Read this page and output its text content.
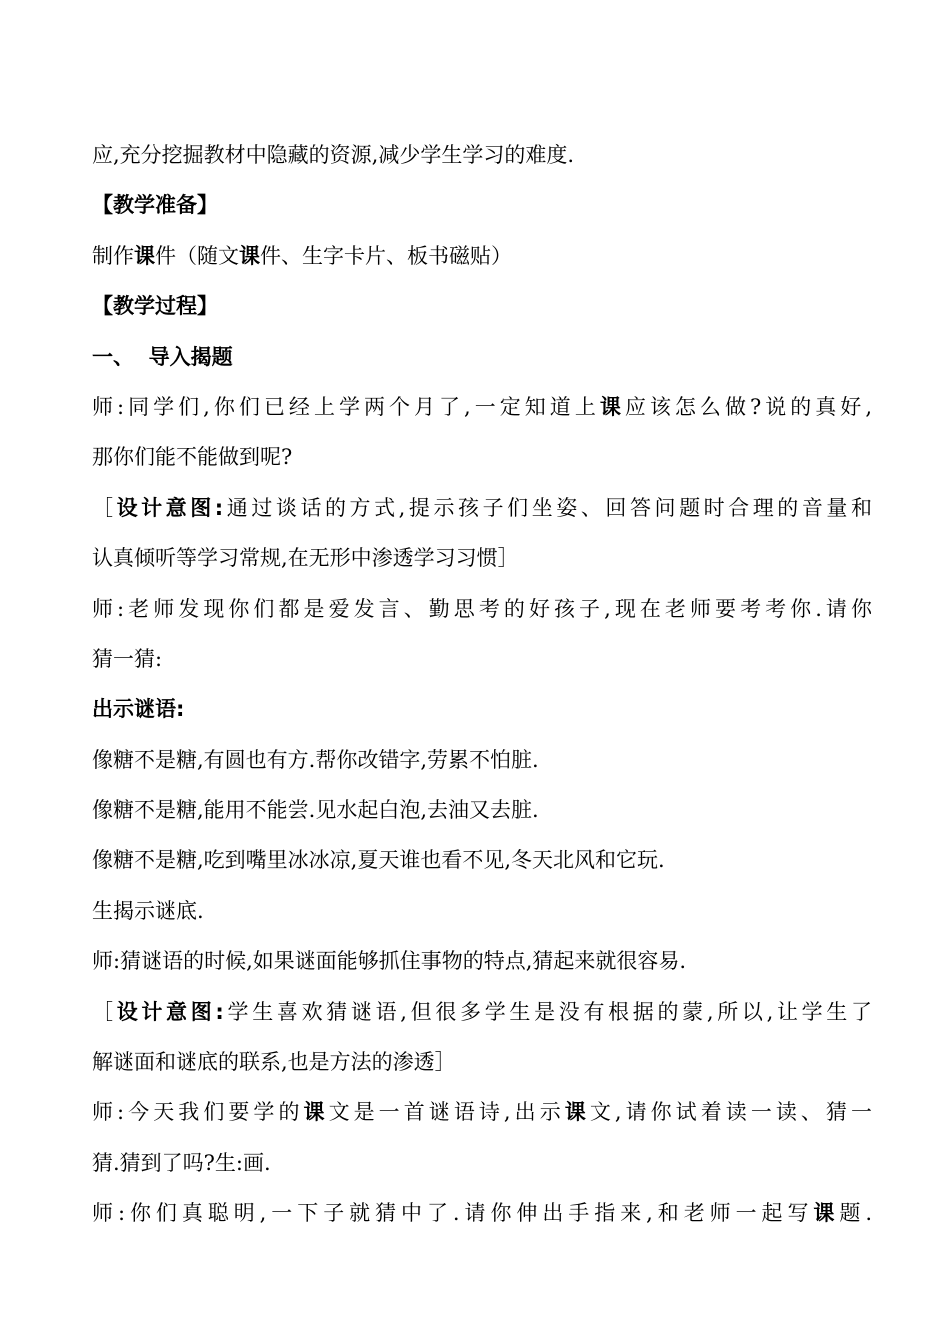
应,充分挖掘教材中隐藏的资源,减少学生学习的难度.
【教学准备】
制作课件（随文课件、生字卡片、板书磁贴）
【教学过程】
一、  导入揭题
师:同学们,你们已经上学两个月了,一定知道上课应该怎么做?说的真好,
那你们能不能做到呢?
［设计意图:通过谈话的方式,提示孩子们坐姿、回答问题时合理的音量和
认真倾听等学习常规,在无形中渗透学习习惯］
师:老师发现你们都是爱发言、勤思考的好孩子,现在老师要考考你.请你
猜一猜:
出示谜语:
像糖不是糖,有圆也有方.帮你改错字,劳累不怕脏.
像糖不是糖,能用不能尝.见水起白泡,去油又去脏.
像糖不是糖,吃到嘴里冰冰凉,夏天谁也看不见,冬天北风和它玩.
生揭示谜底.
师:猜谜语的时候,如果谜面能够抓住事物的特点,猜起来就很容易.
［设计意图:学生喜欢猜谜语,但很多学生是没有根据的蒙,所以,让学生了
解谜面和谜底的联系,也是方法的渗透］
师:今天我们要学的课文是一首谜语诗,出示课文,请你试着读一读、猜一
猜.猜到了吗?生:画.
师:你们真聪明,一下子就猜中了.请你伸出手指来,和老师一起写课题.
